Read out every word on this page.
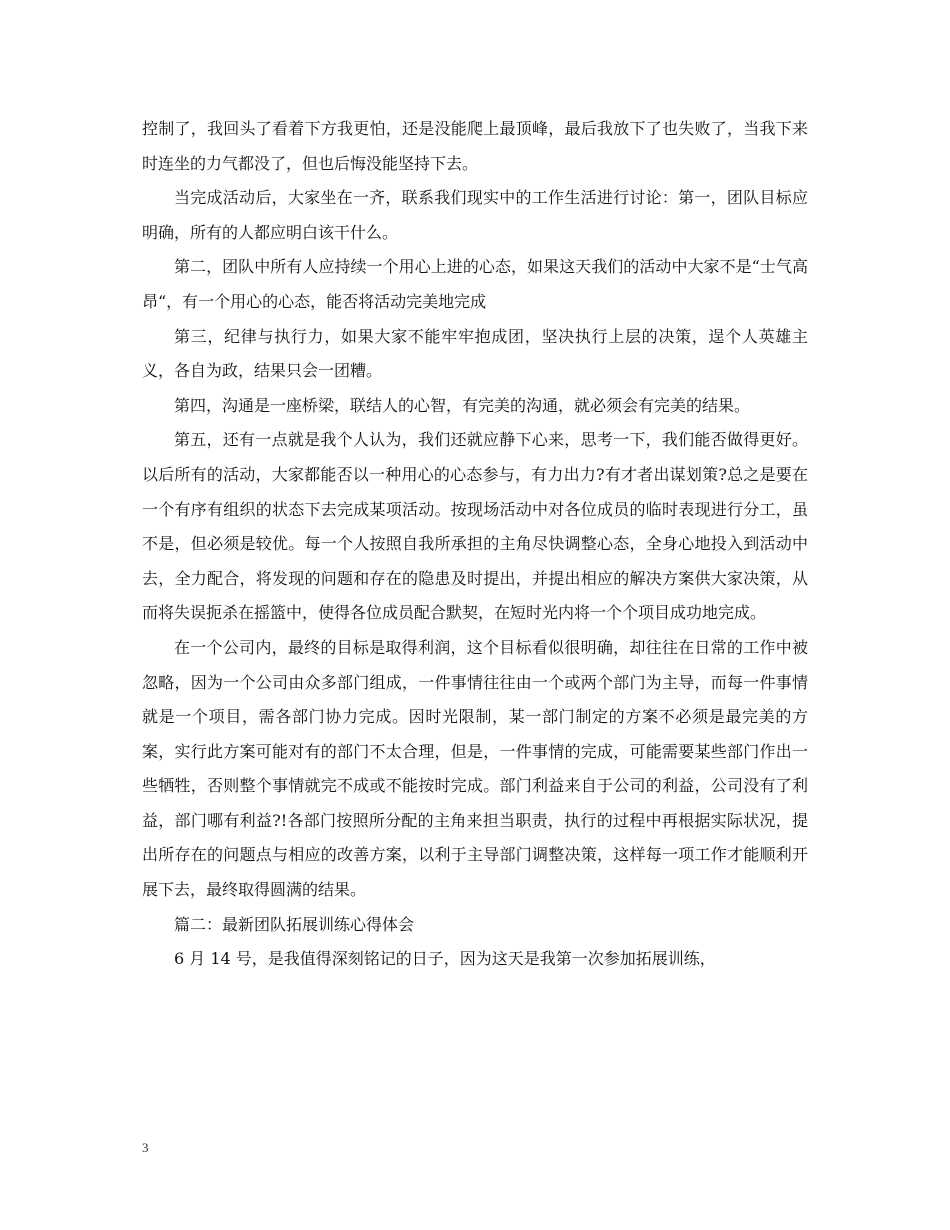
控制了，我回头了看着下方我更怕，还是没能爬上最顶峰，最后我放下了也失败了，当我下来时连坐的力气都没了，但也后悔没能坚持下去。

当完成活动后，大家坐在一齐，联系我们现实中的工作生活进行讨论：第一，团队目标应明确，所有的人都应明白该干什么。

第二，团队中所有人应持续一个用心上进的心态，如果这天我们的活动中大家不是“士气高昂“，有一个用心的心态，能否将活动完美地完成

第三，纪律与执行力，如果大家不能牢牢抱成团，坚决执行上层的决策，逞个人英雄主义，各自为政，结果只会一团糟。

第四，沟通是一座桥梁，联结人的心智，有完美的沟通，就必须会有完美的结果。

第五，还有一点就是我个人认为，我们还就应静下心来，思考一下，我们能否做得更好。以后所有的活动，大家都能否以一种用心的心态参与，有力出力?有才者出谋划策?总之是要在一个有序有组织的状态下去完成某项活动。按现场活动中对各位成员的临时表现进行分工，虽不是，但必须是较优。每一个人按照自我所承担的主角尽快调整心态，全身心地投入到活动中去，全力配合，将发现的问题和存在的隐患及时提出，并提出相应的解决方案供大家决策，从而将失误扼杀在摇篮中，使得各位成员配合默契，在短时光内将一个个项目成功地完成。

在一个公司内，最终的目标是取得利润，这个目标看似很明确，却往往在日常的工作中被忽略，因为一个公司由众多部门组成，一件事情往往由一个或两个部门为主导，而每一件事情就是一个项目，需各部门协力完成。因时光限制，某一部门制定的方案不必须是最完美的方案，实行此方案可能对有的部门不太合理，但是，一件事情的完成，可能需要某些部门作出一些牺牲，否则整个事情就完不成或不能按时完成。部门利益来自于公司的利益，公司没有了利益，部门哪有利益?!各部门按照所分配的主角来担当职责，执行的过程中再根据实际状况，提出所存在的问题点与相应的改善方案，以利于主导部门调整决策，这样每一项工作才能顺利开展下去，最终取得圆满的结果。

篇二：最新团队拓展训练心得体会

6 月 14 号，是我值得深刻铭记的日子，因为这天是我第一次参加拓展训练，

3
